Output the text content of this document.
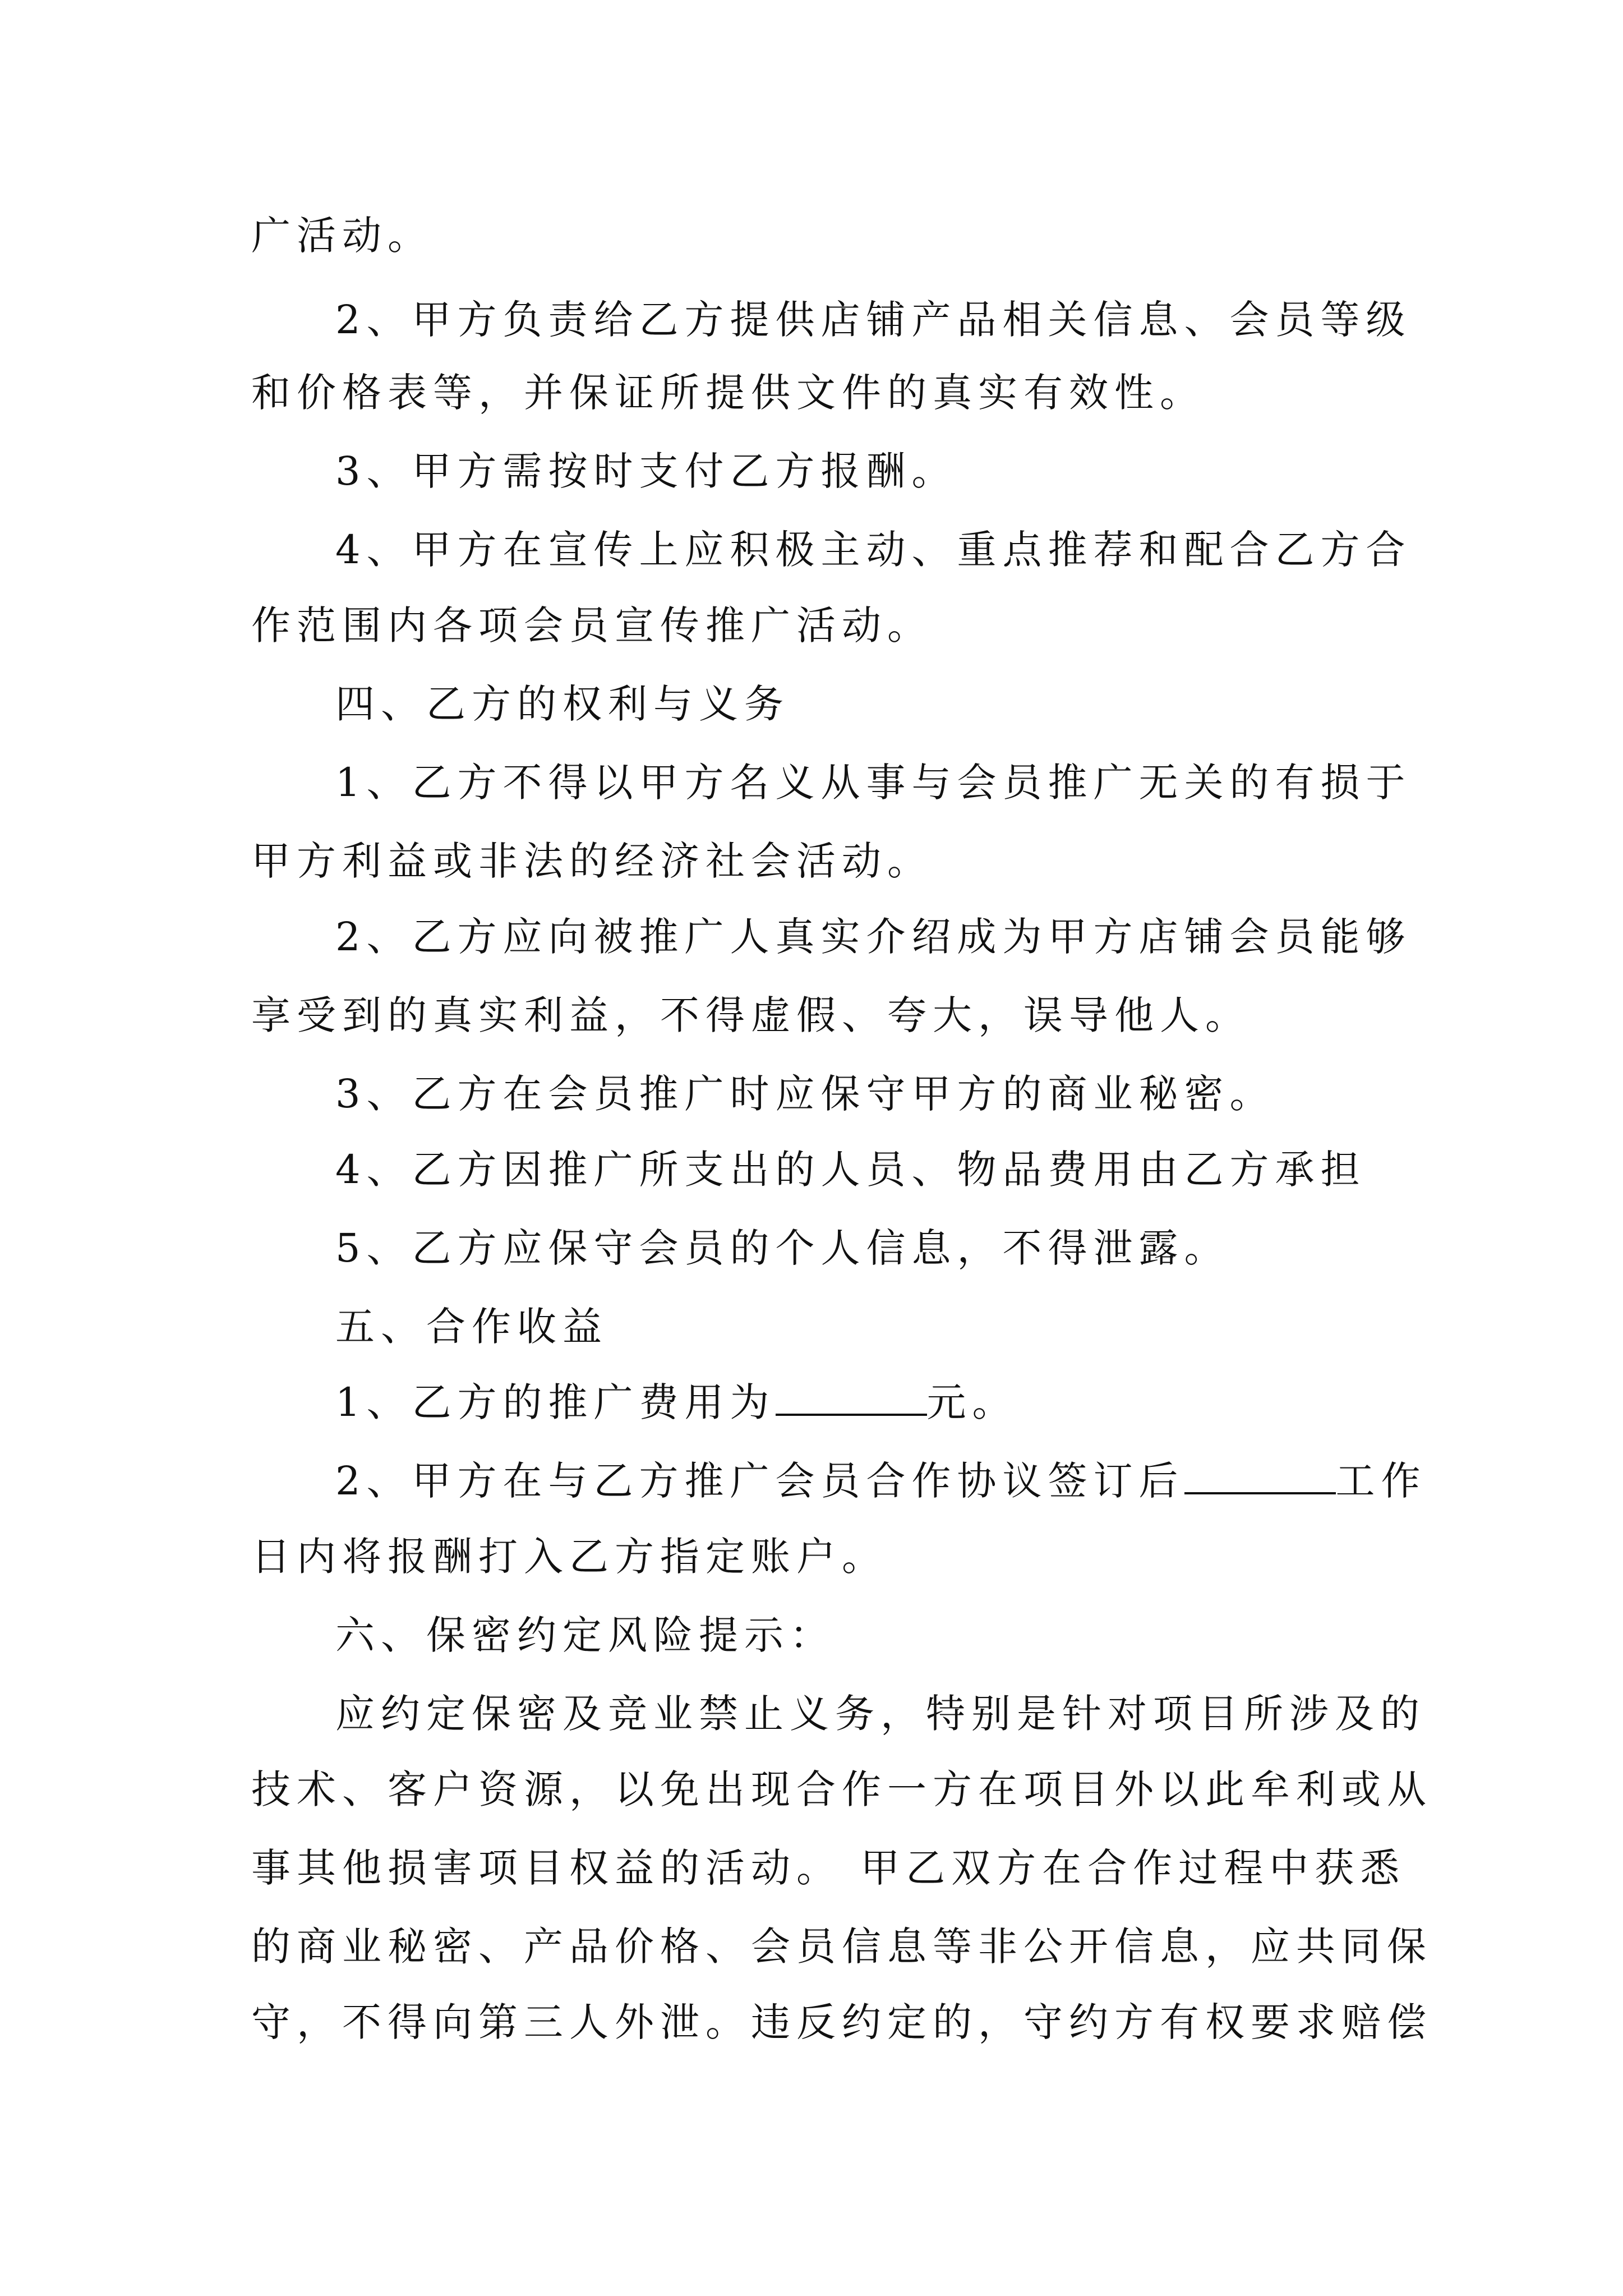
广活动。
2、甲方负责给乙方提供店铺产品相关信息、会员等级
和价格表等，并保证所提供文件的真实有效性。
3、甲方需按时支付乙方报酬。
4、甲方在宣传上应积极主动、重点推荐和配合乙方合
作范围内各项会员宣传推广活动。
四、乙方的权利与义务
1、乙方不得以甲方名义从事与会员推广无关的有损于
甲方利益或非法的经济社会活动。
2、乙方应向被推广人真实介绍成为甲方店铺会员能够
享受到的真实利益，不得虚假、夸大，误导他人。
3、乙方在会员推广时应保守甲方的商业秘密。
4、乙方因推广所支出的人员、物品费用由乙方承担
5、乙方应保守会员的个人信息，不得泄露。
五、合作收益
1、乙方的推广费用为	元。
2、甲方在与乙方推广会员合作协议签订后	工作
日内将报酬打入乙方指定账户。
六、保密约定风险提示：
应约定保密及竞业禁止义务，特别是针对项目所涉及的
技术、客户资源，以免出现合作一方在项目外以此牟利或从
事其他损害项目权益的活动。 甲乙双方在合作过程中获悉
的商业秘密、产品价格、会员信息等非公开信息，应共同保
守，不得向第三人外泄。违反约定的，守约方有权要求赔偿
